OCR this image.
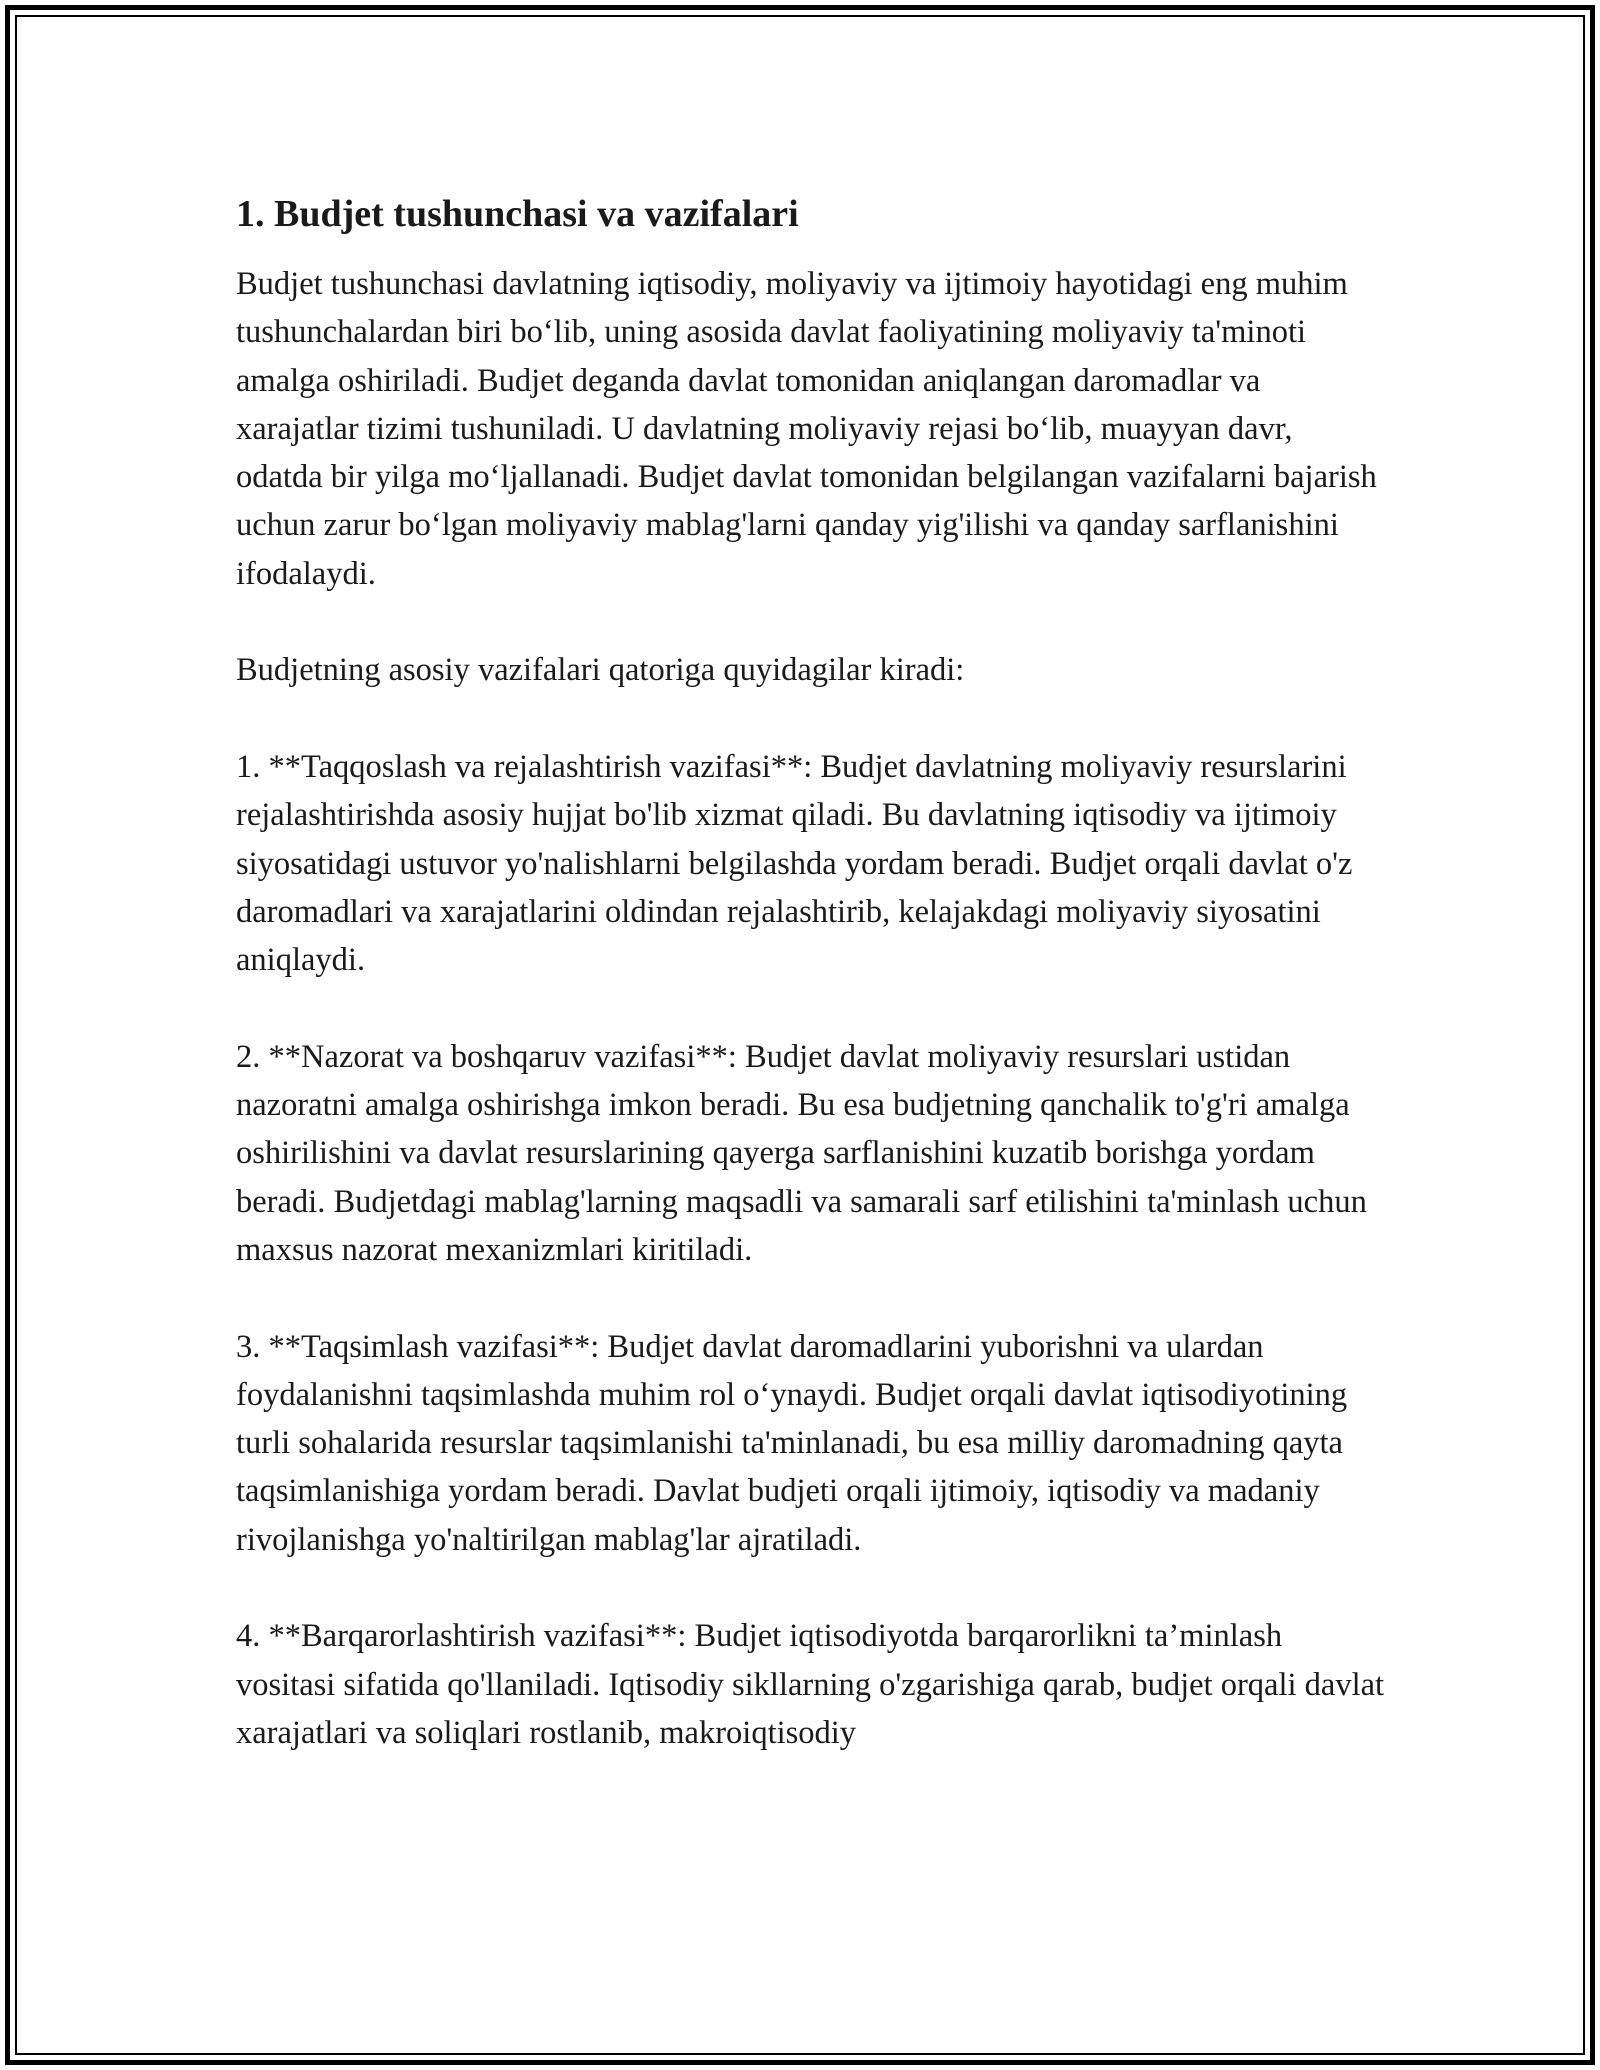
1. Budjet tushunchasi va vazifalari

Budjet tushunchasi davlatning iqtisodiy, moliyaviy va ijtimoiy hayotidagi eng muhim tushunchalardan biri bo‘lib, uning asosida davlat faoliyatining moliyaviy ta'minoti amalga oshiriladi. Budjet deganda davlat tomonidan aniqlangan daromadlar va xarajatlar tizimi tushuniladi. U davlatning moliyaviy rejasi bo‘lib, muayyan davr, odatda bir yilga mo‘ljallanadi. Budjet davlat tomonidan belgilangan vazifalarni bajarish uchun zarur bo‘lgan moliyaviy mablag'larni qanday yig'ilishi va qanday sarflanishini ifodalaydi.

Budjetning asosiy vazifalari qatoriga quyidagilar kiradi:

1. **Taqqoslash va rejalashtirish vazifasi**: Budjet davlatning moliyaviy resurslarini rejalashtirishda asosiy hujjat bo'lib xizmat qiladi. Bu davlatning iqtisodiy va ijtimoiy siyosatidagi ustuvor yo'nalishlarni belgilashda yordam beradi. Budjet orqali davlat o'z daromadlari va xarajatlarini oldindan rejalashtirib, kelajakdagi moliyaviy siyosatini aniqlaydi.

2. **Nazorat va boshqaruv vazifasi**: Budjet davlat moliyaviy resurslari ustidan nazoratni amalga oshirishga imkon beradi. Bu esa budjetning qanchalik to'g'ri amalga oshirilishini va davlat resurslarining qayerga sarflanishini kuzatib borishga yordam beradi. Budjetdagi mablag'larning maqsadli va samarali sarf etilishini ta'minlash uchun maxsus nazorat mexanizmlari kiritiladi.

3. **Taqsimlash vazifasi**: Budjet davlat daromadlarini yuborishni va ulardan foydalanishni taqsimlashda muhim rol o‘ynaydi. Budjet orqali davlat iqtisodiyotining turli sohalarida resurslar taqsimlanishi ta'minlanadi, bu esa milliy daromadning qayta taqsimlanishiga yordam beradi. Davlat budjeti orqali ijtimoiy, iqtisodiy va madaniy rivojlanishga yo'naltirilgan mablag'lar ajratiladi.

4. **Barqarorlashtirish vazifasi**: Budjet iqtisodiyotda barqarorlikni ta’minlash vositasi sifatida qo'llaniladi. Iqtisodiy sikllarning o'zgarishiga qarab, budjet orqali davlat xarajatlari va soliqlari rostlanib, makroiqtisodiy
